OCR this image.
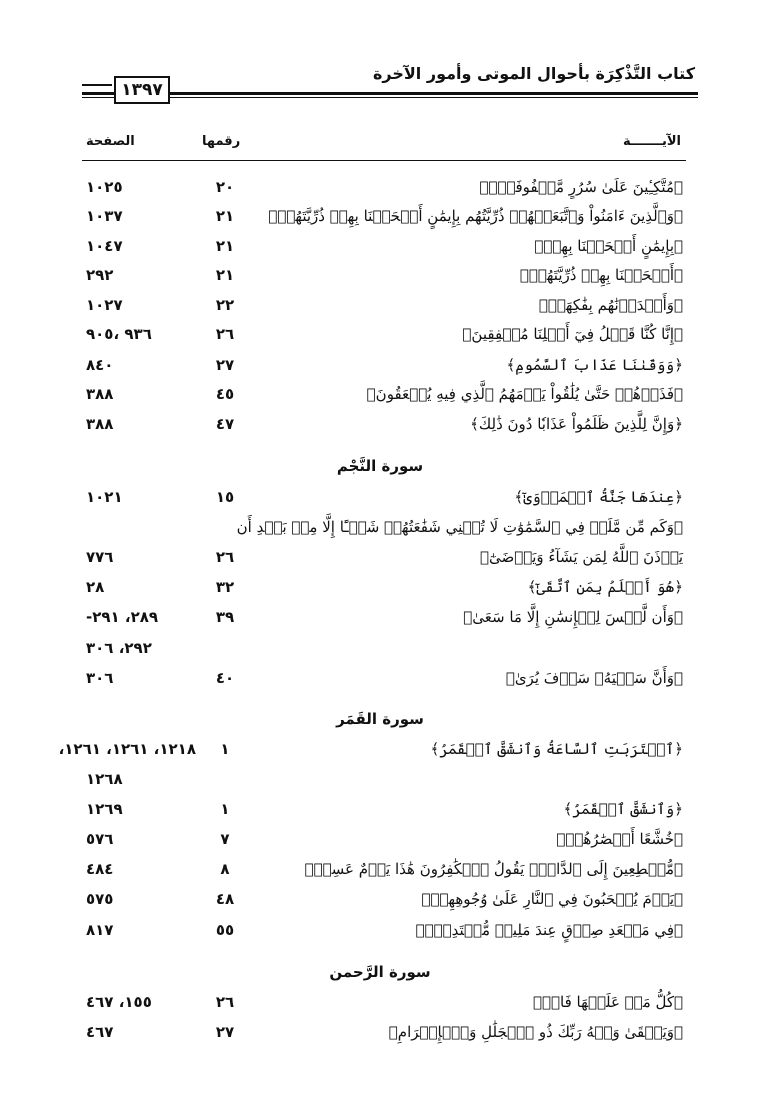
كتاب التَّذْكِرَة بأحوال الموتى وأمور الآخرة
١٣٩٧
الآيـــــــة
رقمها
الصفحة
﴿مُتَّكِـِٔينَ عَلَىٰ سُرُرٍ مَّصۡفُوفَةٍۖ﴾
٢٠
١٠٢٥
﴿وَٱلَّذِينَ ءَامَنُواْ وَٱتَّبَعَتۡهُمۡ ذُرِّيَّتُهُم بِإِيمَٰنٍ أَلۡحَقۡنَا بِهِمۡ ذُرِّيَّتَهُمۡ﴾
٢١
١٠٣٧
﴿بِإِيمَٰنٍ أَلۡحَقۡنَا بِهِمۡ﴾
٢١
١٠٤٧
﴿أَلۡحَقۡنَا بِهِمۡ ذُرِّيَّتَهُمۡ﴾
٢١
٢٩٢
﴿وَأَمۡدَدۡنَٰهُم بِفَٰكِهَةٖ﴾
٢٢
١٠٢٧
﴿إِنَّا كُنَّا قَبۡلُ فِيٓ أَهۡلِنَا مُشۡفِقِينَ﴾
٢٦
٩٣٦ ،٩٠٥
﴿وَوَقَىٰنَا عَذَابَ ٱلسَّمُومِ﴾
٢٧
٨٤٠
﴿فَذَرۡهُمۡ حَتَّىٰ يُلَٰقُواْ يَوۡمَهُمُ ٱلَّذِي فِيهِ يُصۡعَقُونَ﴾
٤٥
٣٨٨
﴿وَإِنَّ لِلَّذِينَ ظَلَمُواْ عَذَابٗا دُونَ ذَٰلِكَ﴾
٤٧
٣٨٨
سورة النَّجْم
﴿عِندَهَا جَنَّةُ ٱلۡمَأۡوَىٰٓ﴾
١٥
١٠٢١
﴿وَكَم مِّن مَّلَكٖ فِي ٱلسَّمَٰوَٰتِ لَا تُغۡنِي شَفَٰعَتُهُمۡ شَيۡـًٔا إِلَّا مِنۢ بَعۡدِ أَن
يَأۡذَنَ ٱللَّهُ لِمَن يَشَآءُ وَيَرۡضَىٰٓ﴾
٢٦
٧٧٦
﴿هُوَ أَعۡلَمُ بِمَنِ ٱتَّقَىٰٓ﴾
٣٢
٢٨
﴿وَأَن لَّيۡسَ لِلۡإِنسَٰنِ إِلَّا مَا سَعَىٰ﴾
٣٩
٢٨٩، ٢٩١-
٢٩٢، ٣٠٦
﴿وَأَنَّ سَعۡيَهُۥ سَوۡفَ يُرَىٰ﴾
٤٠
٣٠٦
سورة القَمَر
﴿ٱقۡتَرَبَتِ ٱلسَّاعَةُ وَٱنشَقَّ ٱلۡقَمَرُ﴾
١
١٢١٨، ١٢٦١، ١٢٦١،
١٢٦٨
﴿وَٱنشَقَّ ٱلۡقَمَرُ﴾
١
١٢٦٩
﴿خُشَّعًا أَبۡصَٰرُهُمۡ﴾
٧
٥٧٦
﴿مُّهۡطِعِينَ إِلَى ٱلدَّاعِۖ يَقُولُ ٱلۡكَٰفِرُونَ هَٰذَا يَوۡمٌ عَسِرٞ﴾
٨
٤٨٤
﴿يَوۡمَ يُسۡحَبُونَ فِي ٱلنَّارِ عَلَىٰ وُجُوهِهِمۡ﴾
٤٨
٥٧٥
﴿فِي مَقۡعَدِ صِدۡقٍ عِندَ مَلِيكٖ مُّقۡتَدِرِۭ﴾
٥٥
٨١٧
سورة الرَّحمن
﴿كُلُّ مَنۡ عَلَيۡهَا فَانٖ﴾
٢٦
١٥٥، ٤٦٧
﴿وَيَبۡقَىٰ وَجۡهُ رَبِّكَ ذُو ٱلۡجَلَٰلِ وَٱلۡإِكۡرَامِ﴾
٢٧
٤٦٧
